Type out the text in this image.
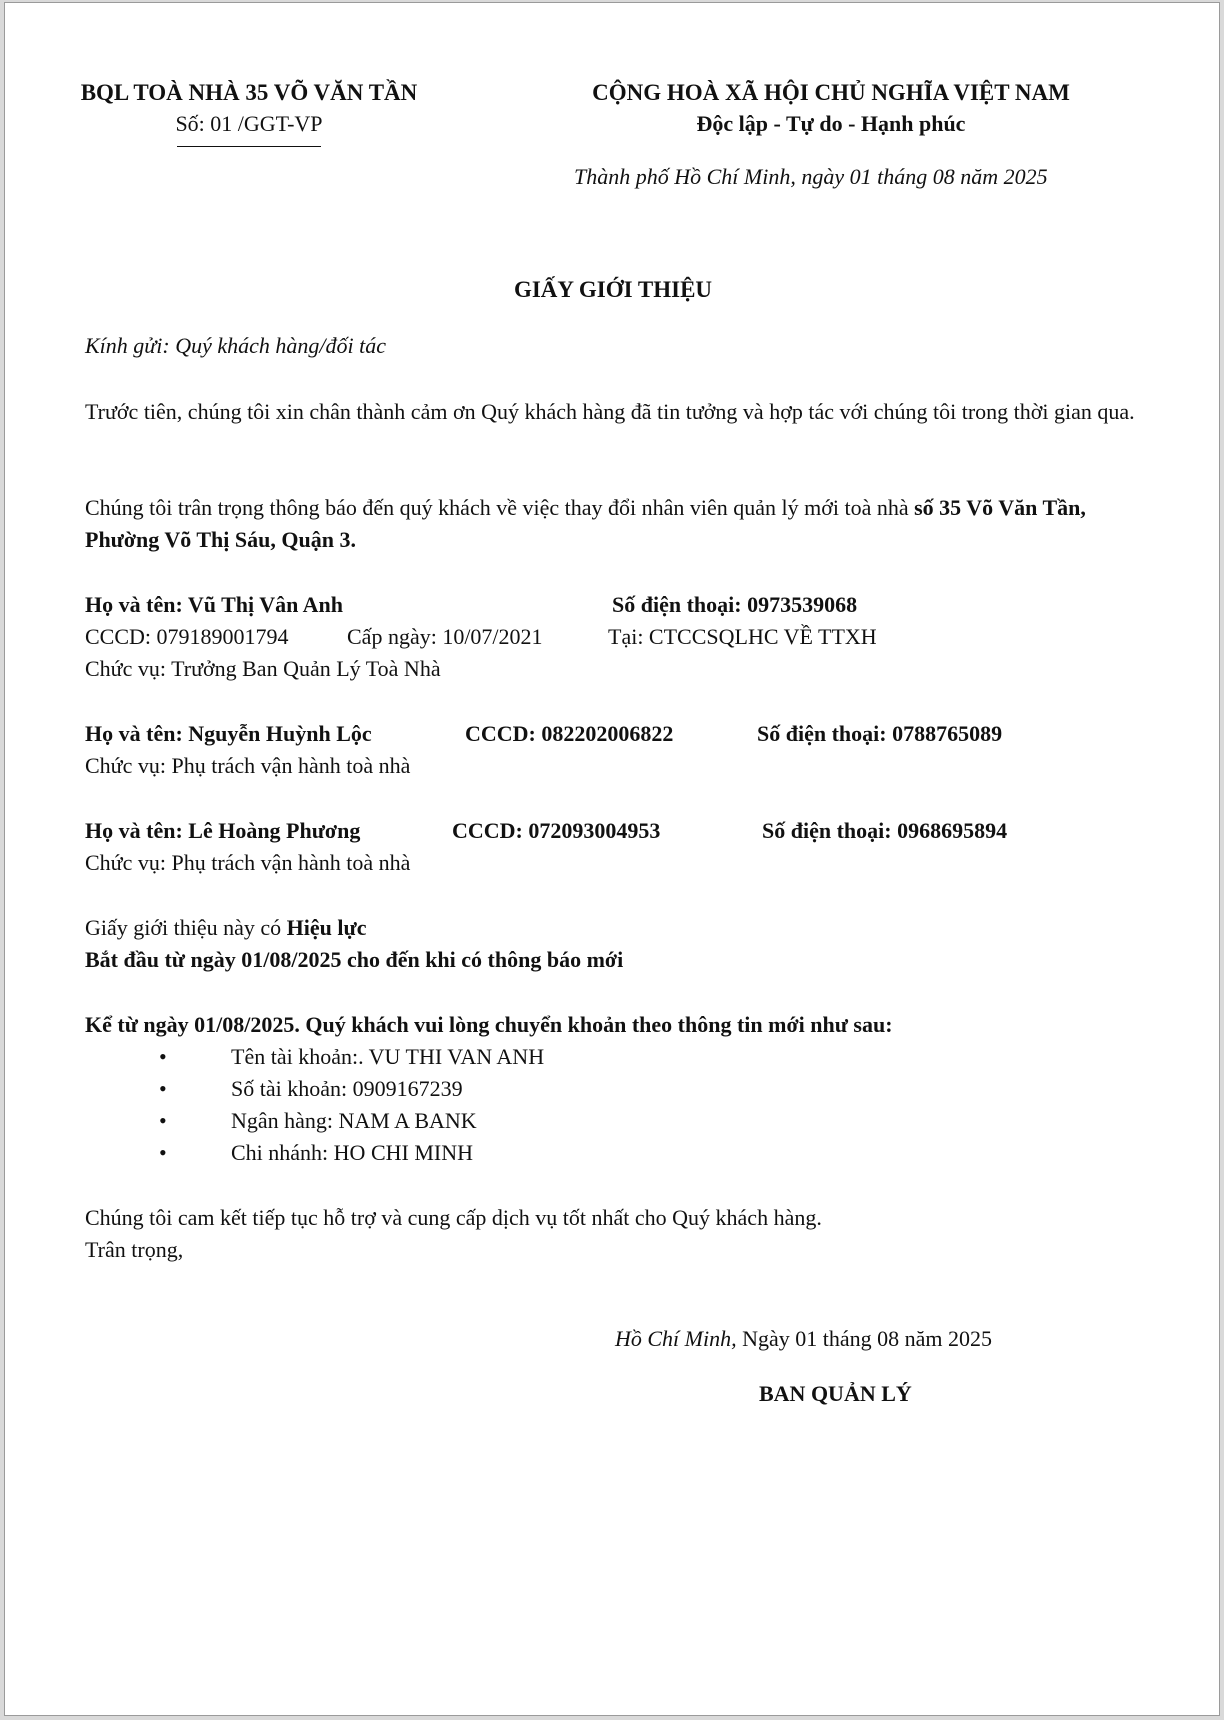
BQL TOÀ NHÀ 35 VÕ VĂN TẦN
Số: 01 /GGT-VP
CỘNG HOÀ XÃ HỘI CHỦ NGHĨA VIỆT NAM
Độc lập - Tự do - Hạnh phúc
Thành phố Hồ Chí Minh, ngày 01 tháng 08 năm 2025
GIẤY GIỚI THIỆU
Kính gửi: Quý khách hàng/đối tác
Trước tiên, chúng tôi xin chân thành cảm ơn Quý khách hàng đã tin tưởng và hợp tác với chúng tôi trong thời gian qua.
Chúng tôi trân trọng thông báo đến quý khách về việc thay đổi nhân viên quản lý mới toà nhà số 35 Võ Văn Tần, Phường Võ Thị Sáu, Quận 3.
Họ và tên: Vũ Thị Vân Anh	Số điện thoại: 0973539068
CCCD: 079189001794	Cấp ngày: 10/07/2021	Tại: CTCCSQLHC VỀ TTXH
Chức vụ: Trưởng Ban Quản Lý Toà Nhà
Họ và tên: Nguyễn Huỳnh Lộc	CCCD: 082202006822	Số điện thoại: 0788765089
Chức vụ: Phụ trách vận hành toà nhà
Họ và tên: Lê Hoàng Phương	CCCD: 072093004953	Số điện thoại: 0968695894
Chức vụ: Phụ trách vận hành toà nhà
Giấy giới thiệu này có Hiệu lực
Bắt đầu từ ngày 01/08/2025 cho đến khi có thông báo mới
Kể từ ngày 01/08/2025. Quý khách vui lòng chuyển khoản theo thông tin mới như sau:
•	Tên tài khoản:. VU THI VAN ANH
•	Số tài khoản: 0909167239
•	Ngân hàng: NAM A BANK
•	Chi nhánh: HO CHI MINH
Chúng tôi cam kết tiếp tục hỗ trợ và cung cấp dịch vụ tốt nhất cho Quý khách hàng.
Trân trọng,
Hồ Chí Minh, Ngày 01 tháng 08 năm 2025
BAN QUẢN LÝ
